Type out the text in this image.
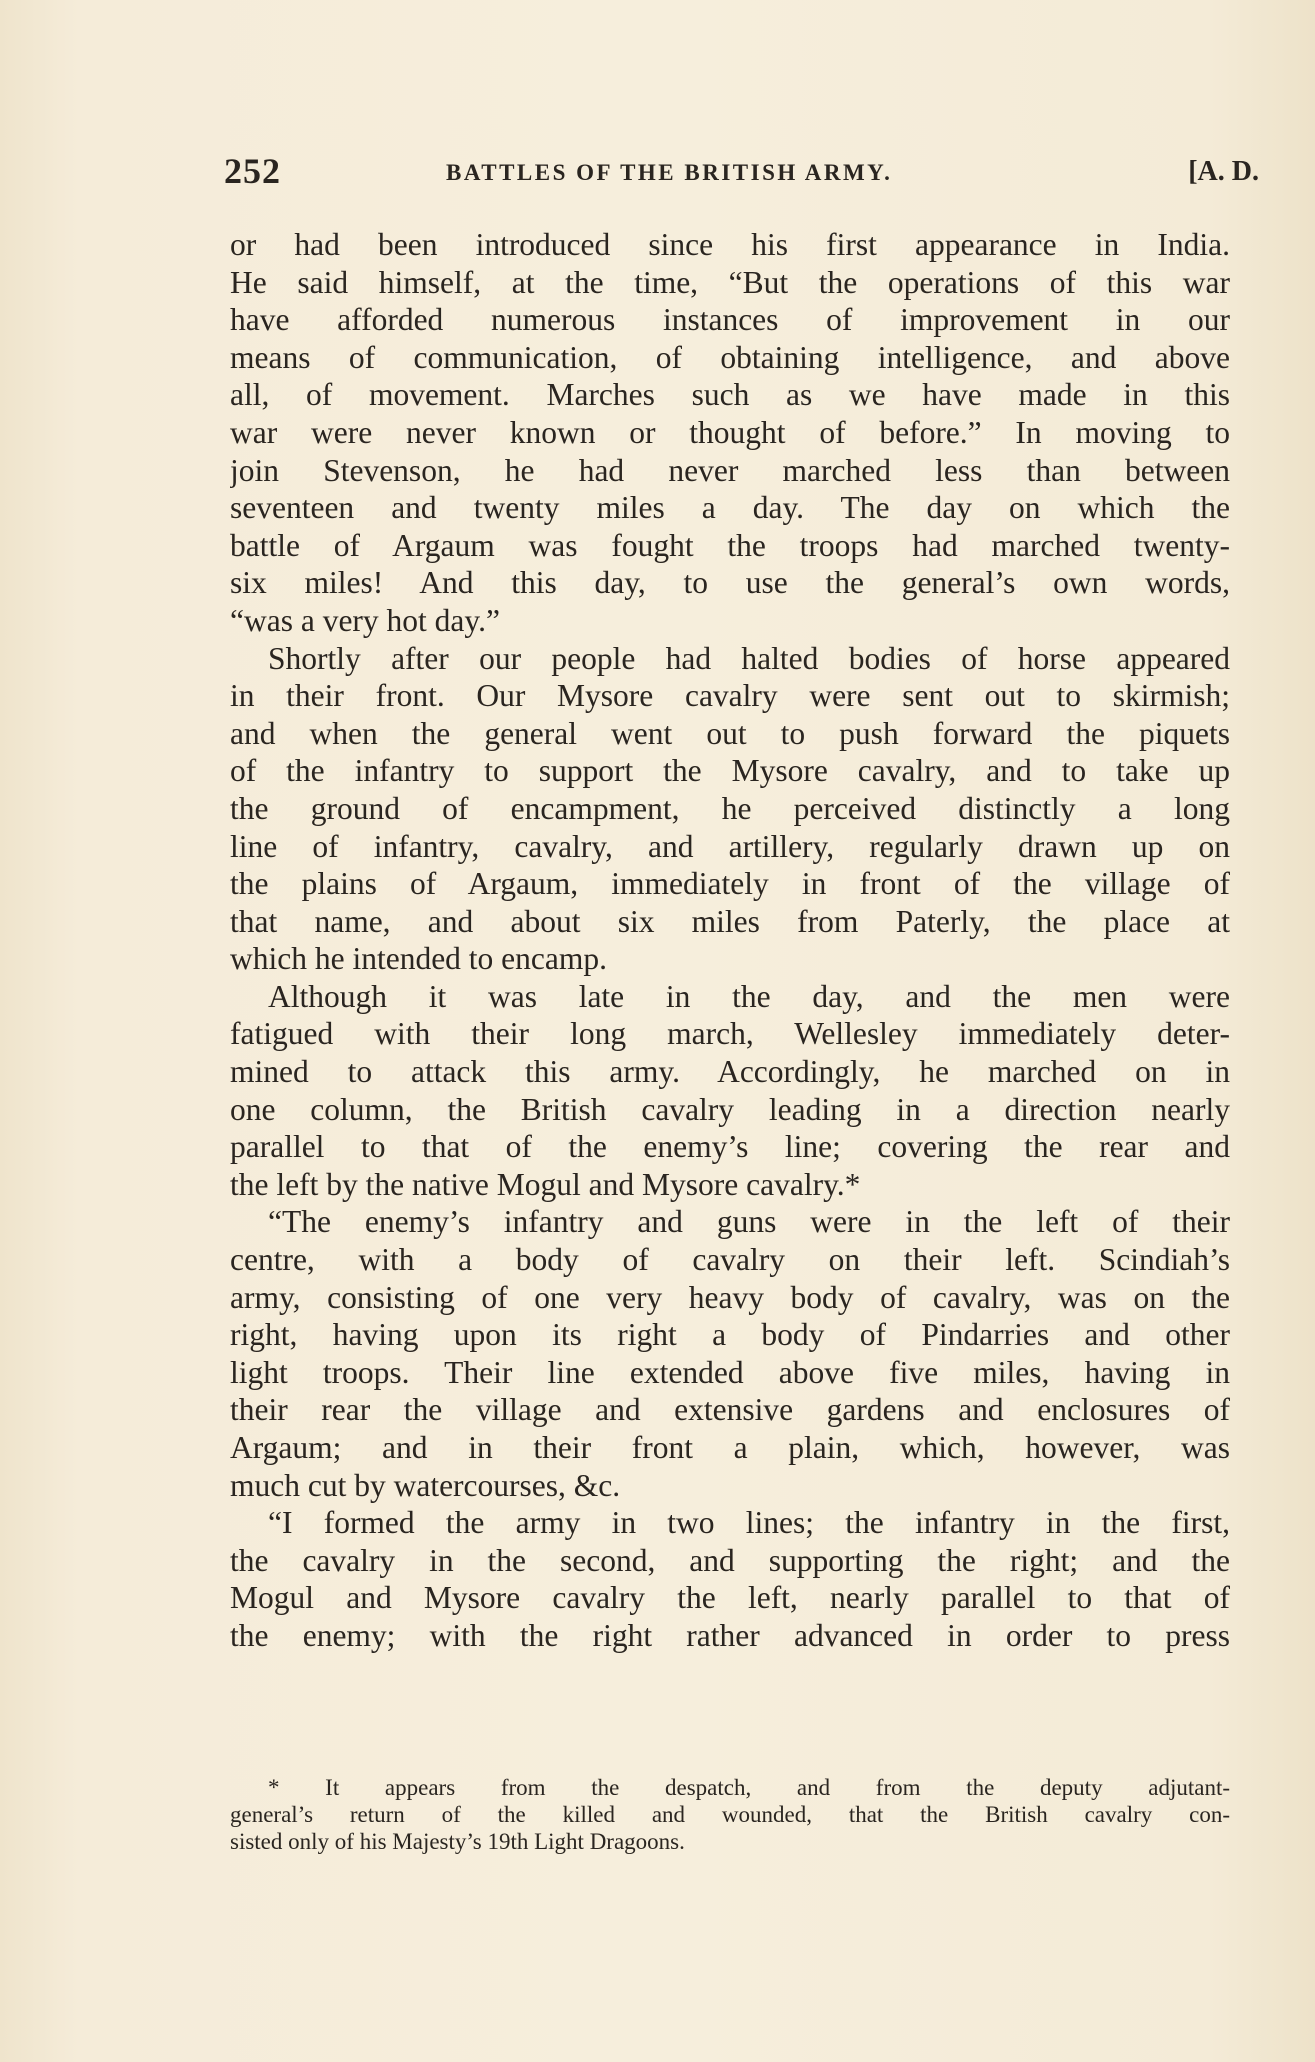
252	BATTLES OF THE BRITISH ARMY.	[A. D.
or had been introduced since his first appearance in India.
He said himself, at the time, “But the operations of this war
have afforded numerous instances of improvement in our
means of communication, of obtaining intelligence, and above
all, of movement. Marches such as we have made in this
war were never known or thought of before.” In moving to
join Stevenson, he had never marched less than between
seventeen and twenty miles a day. The day on which the
battle of Argaum was fought the troops had marched twenty-
six miles! And this day, to use the general’s own words,
“was a very hot day.”
Shortly after our people had halted bodies of horse appeared
in their front. Our Mysore cavalry were sent out to skirmish;
and when the general went out to push forward the piquets
of the infantry to support the Mysore cavalry, and to take up
the ground of encampment, he perceived distinctly a long
line of infantry, cavalry, and artillery, regularly drawn up on
the plains of Argaum, immediately in front of the village of
that name, and about six miles from Paterly, the place at
which he intended to encamp.
Although it was late in the day, and the men were
fatigued with their long march, Wellesley immediately deter-
mined to attack this army. Accordingly, he marched on in
one column, the British cavalry leading in a direction nearly
parallel to that of the enemy’s line; covering the rear and
the left by the native Mogul and Mysore cavalry.*
“The enemy’s infantry and guns were in the left of their
centre, with a body of cavalry on their left. Scindiah’s
army, consisting of one very heavy body of cavalry, was on the
right, having upon its right a body of Pindarries and other
light troops. Their line extended above five miles, having in
their rear the village and extensive gardens and enclosures of
Argaum; and in their front a plain, which, however, was
much cut by watercourses, &c.
“I formed the army in two lines; the infantry in the first,
the cavalry in the second, and supporting the right; and the
Mogul and Mysore cavalry the left, nearly parallel to that of
the enemy; with the right rather advanced in order to press
* It appears from the despatch, and from the deputy adjutant-
general’s return of the killed and wounded, that the British cavalry con-
sisted only of his Majesty’s 19th Light Dragoons.
